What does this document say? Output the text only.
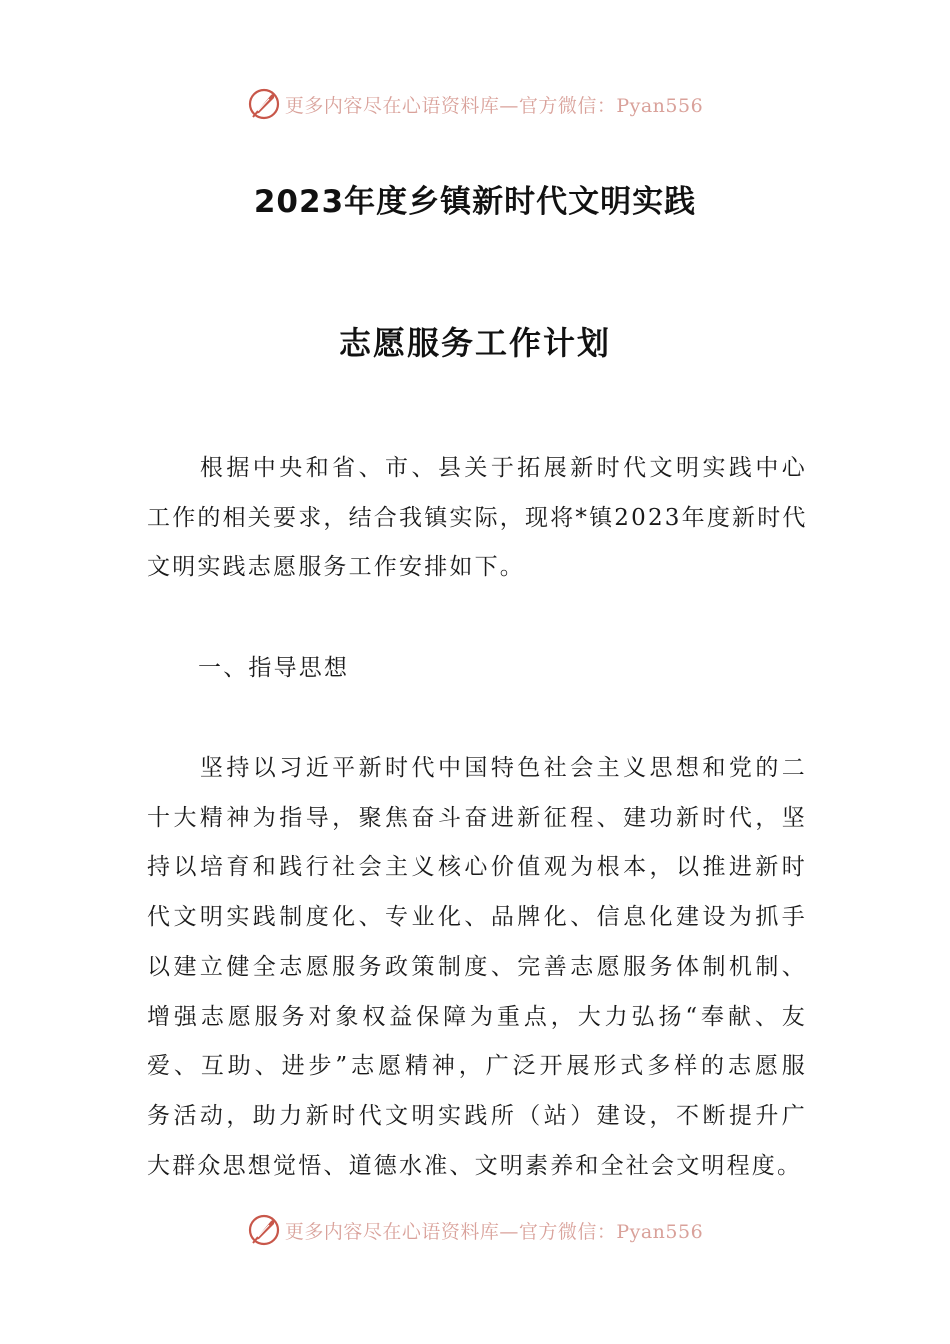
更多内容尽在心语资料库—官方微信：Pyan556
2023年度乡镇新时代文明实践
志愿服务工作计划
　　根据中央和省、市、县关于拓展新时代文明实践中心
工作的相关要求，结合我镇实际，现将*镇2023年度新时代
文明实践志愿服务工作安排如下。
一、指导思想
　　坚持以习近平新时代中国特色社会主义思想和党的二
十大精神为指导，聚焦奋斗奋进新征程、建功新时代，坚
持以培育和践行社会主义核心价值观为根本，以推进新时
代文明实践制度化、专业化、品牌化、信息化建设为抓手
以建立健全志愿服务政策制度、完善志愿服务体制机制、
增强志愿服务对象权益保障为重点，大力弘扬“奉献、友
爱、互助、进步”志愿精神，广泛开展形式多样的志愿服
务活动，助力新时代文明实践所（站）建设，不断提升广
大群众思想觉悟、道德水准、文明素养和全社会文明程度。
更多内容尽在心语资料库—官方微信：Pyan556
